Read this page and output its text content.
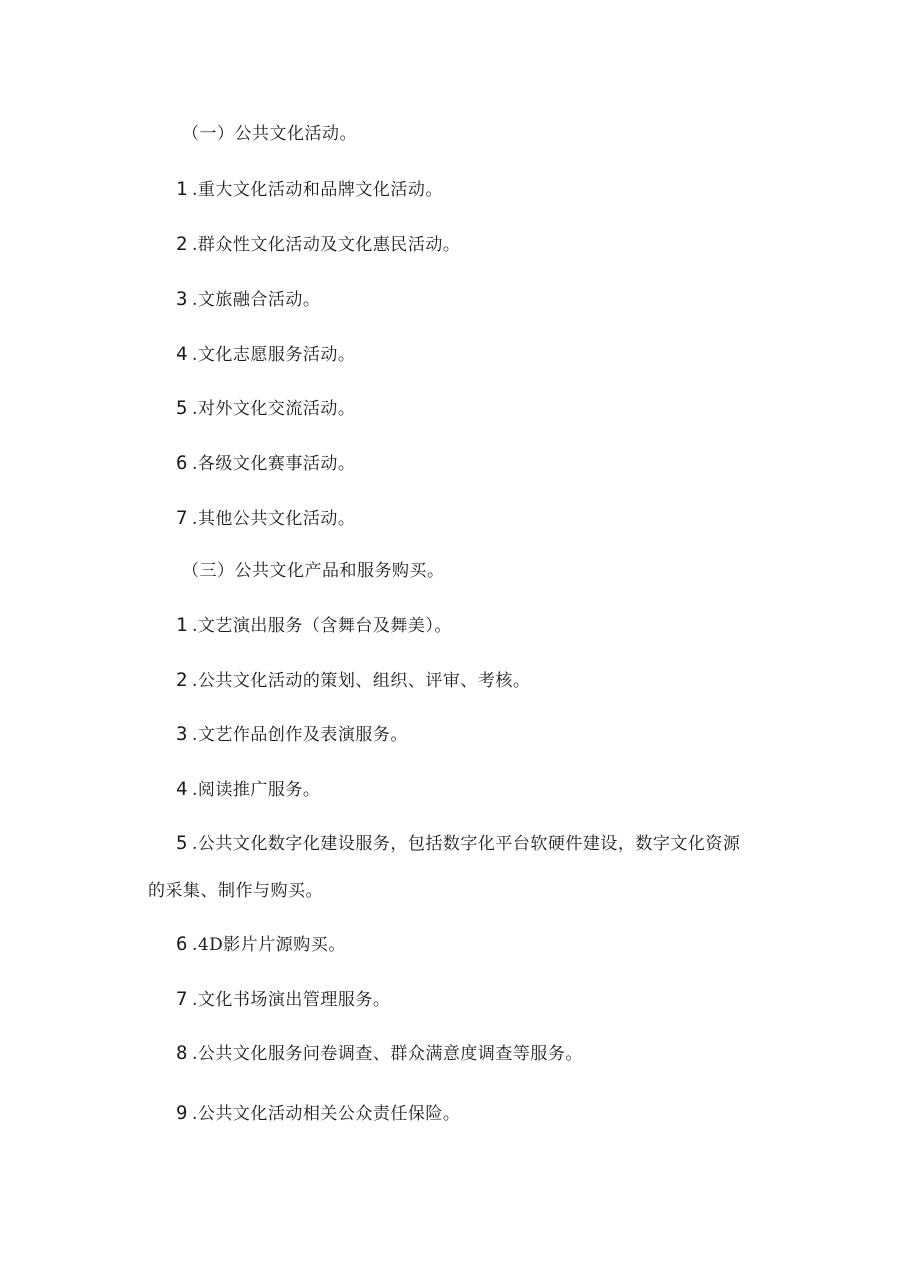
（一）公共文化活动。
1 .重大文化活动和品牌文化活动。
2 .群众性文化活动及文化惠民活动。
3 .文旅融合活动。
4 .文化志愿服务活动。
5 .对外文化交流活动。
6 .各级文化赛事活动。
7 .其他公共文化活动。
（三）公共文化产品和服务购买。
1 .文艺演出服务（含舞台及舞美）。
2 .公共文化活动的策划、组织、评审、考核。
3 .文艺作品创作及表演服务。
4 .阅读推广服务。
5 .公共文化数字化建设服务，包括数字化平台软硬件建设，数字文化资源
的采集、制作与购买。
6 .4D影片片源购买。
7 .文化书场演出管理服务。
8 .公共文化服务问卷调查、群众满意度调查等服务。
9 .公共文化活动相关公众责任保险。
